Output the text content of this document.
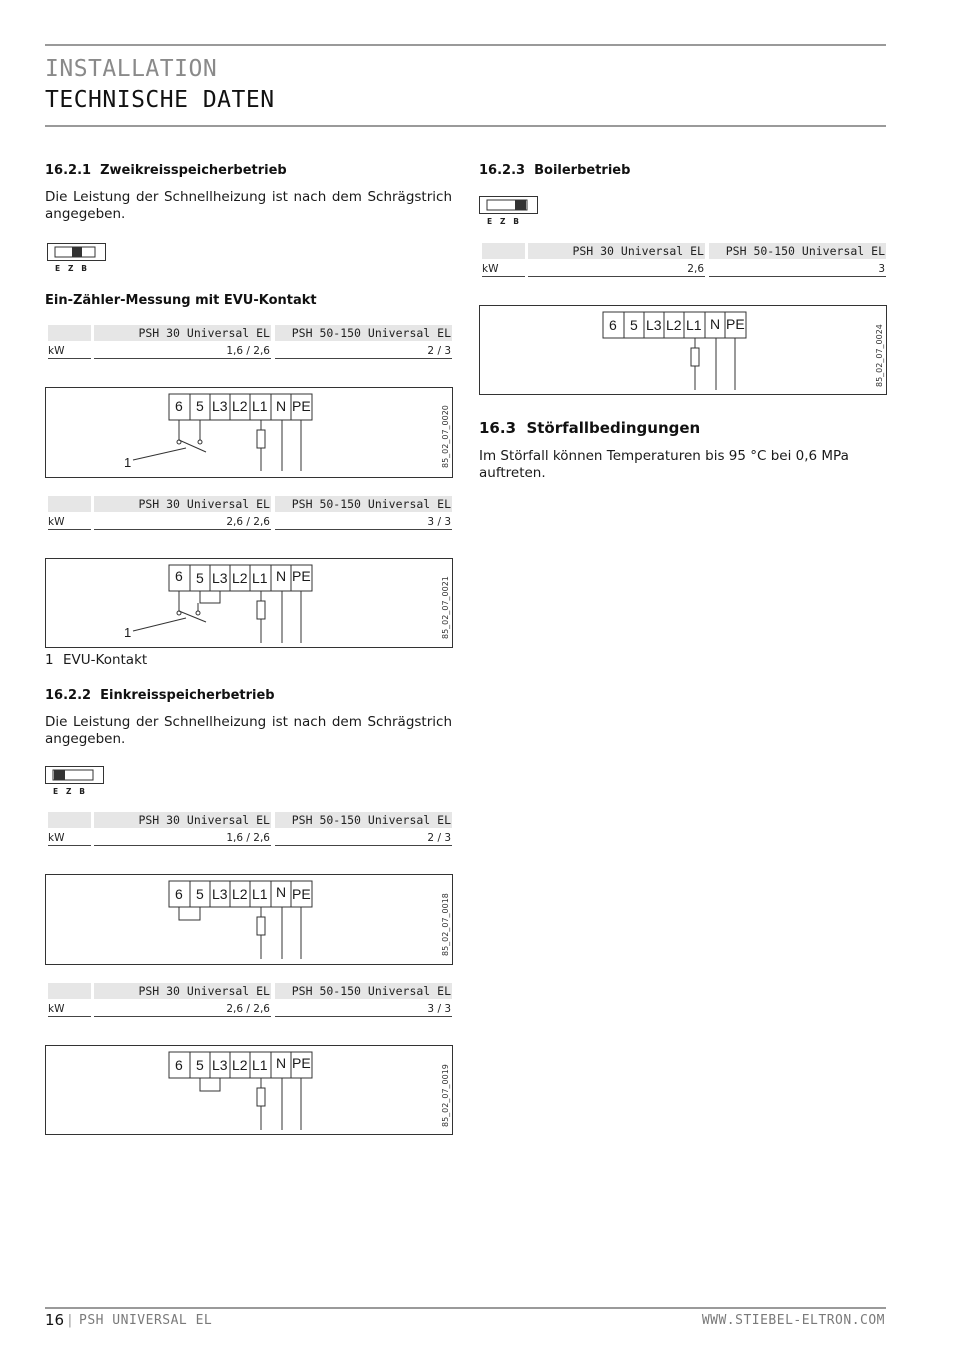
INSTALLATION
TECHNISCHE DATEN
16.2.1  Zweikreisspeicherbetrieb
Die Leistung der Schnellheizung ist nach dem Schrägstrich angegeben.
E   Z   B
Ein-Zähler-Messung mit EVU-Kontakt
PSH 30 Universal EL	PSH 50-150 Universal EL
kW	1,6 / 2,6	2 / 3
6 5 L3 L2 L1 N PE
1	85_02_07_0020
PSH 30 Universal EL	PSH 50-150 Universal EL
kW	2,6 / 2,6	3 / 3
6 5 L3 L2 L1 N PE
1	85_02_07_0021
1 EVU-Kontakt
16.2.2  Einkreisspeicherbetrieb
Die Leistung der Schnellheizung ist nach dem Schrägstrich angegeben.
E   Z   B
PSH 30 Universal EL	PSH 50-150 Universal EL
kW	1,6 / 2,6	2 / 3
6 5 L3 L2 L1 N PE	85_02_07_0018
PSH 30 Universal EL	PSH 50-150 Universal EL
kW	2,6 / 2,6	3 / 3
6 5 L3 L2 L1 N PE
85_02_07_0019
16.2.3  Boilerbetrieb
E   Z   B
PSH 30 Universal EL	PSH 50-150 Universal EL
kW	2,6	3
6 5 L3 L2 L1 N PE
85_02_07_0024
16.3  Störfallbedingungen
Im Störfall können Temperaturen bis 95 °C bei 0,6 MPa auftreten.
16 | PSH UNIVERSAL EL	WWW.STIEBEL-ELTRON.COM
